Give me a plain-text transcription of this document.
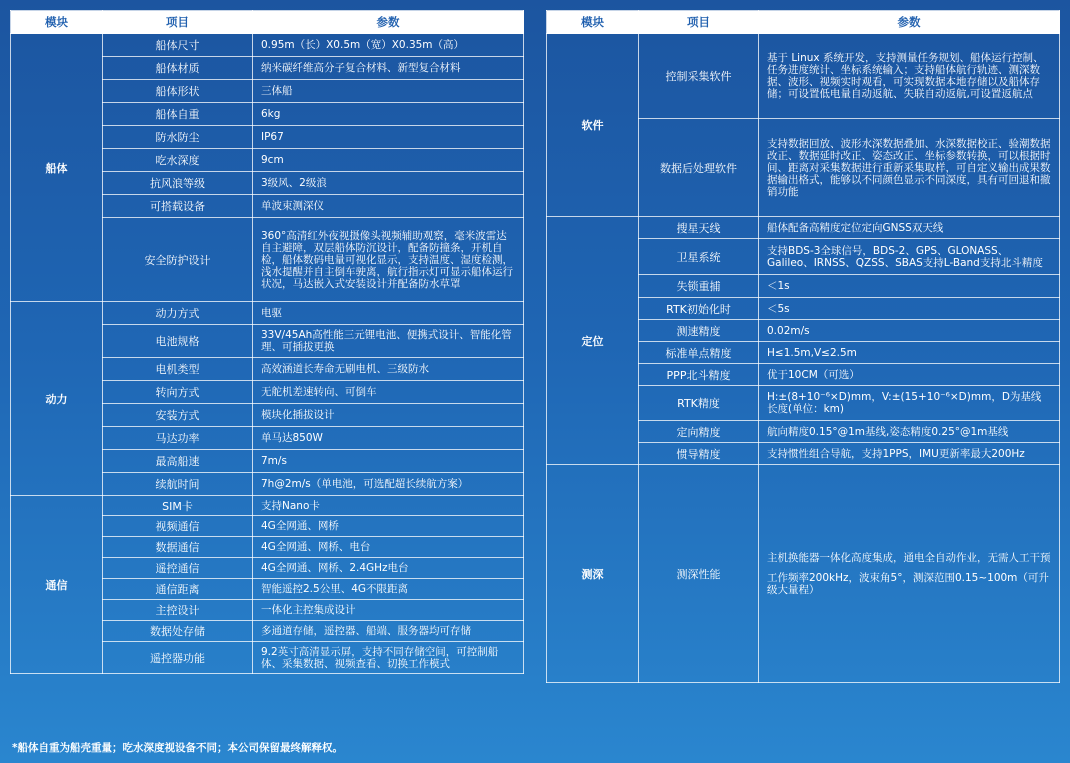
模块	项目	参数
船体	船体尺寸	0.95m（长）X0.5m（宽）X0.35m（高）
	船体材质	纳米碳纤维高分子复合材料、新型复合材料
	船体形状	三体船
	船体自重	6kg
	防水防尘	IP67
	吃水深度	9cm
	抗风浪等级	3级风、2级浪
	可搭载设备	单波束测深仪
	安全防护设计	360°高清红外夜视摄像头视频辅助观察，毫米波雷达自主避障，双层船体防沉设计，配备防撞条，开机自检，船体数码电量可视化显示，支持温度、湿度检测，浅水提醒并自主倒车驶离，航行指示灯可显示船体运行状况，马达嵌入式安装设计并配备防水草罩
动力	动力方式	电驱
	电池规格	33V/45Ah高性能三元锂电池、便携式设计、智能化管理、可插拔更换
	电机类型	高效涵道长寿命无刷电机、三级防水
	转向方式	无舵机差速转向、可倒车
	安装方式	模块化插拔设计
	马达功率	单马达850W
	最高船速	7m/s
	续航时间	7h@2m/s（单电池，可选配超长续航方案）
通信	SIM卡	支持Nano卡
	视频通信	4G全网通、网桥
	数据通信	4G全网通、网桥、电台
	遥控通信	4G全网通、网桥、2.4GHz电台
	通信距离	智能遥控2.5公里、4G不限距离
	主控设计	一体化主控集成设计
	数据处存储	多通道存储，遥控器、船端、服务器均可存储
	遥控器功能	9.2英寸高清显示屏，支持不同存储空间，可控制船体、采集数据、视频查看、切换工作模式
模块	项目	参数
软件	控制采集软件	基于 Linux 系统开发，支持测量任务规划、船体运行控制、任务进度统计、坐标系统输入；支持船体航行轨迹、测深数据、波形、视频实时观看，可实现数据本地存储以及船体存储；可设置低电量自动返航、失联自动返航,可设置返航点
	数据后处理软件	支持数据回放、波形水深数据叠加、水深数据校正、验潮数据改正、数据延时改正、姿态改正、坐标参数转换，可以根据时间、距离对采集数据进行重新采集取样，可自定义输出成果数据输出格式，能够以不同颜色显示不同深度，具有可回退和撤销功能
定位	搜星天线	船体配备高精度定位定向GNSS双天线
	卫星系统	支持BDS-3全球信号，BDS-2、GPS、GLONASS、Galileo、IRNSS、QZSS、SBAS支持L-Band支持北斗精度
	失锁重捕	＜1s
	RTK初始化时	＜5s
	测速精度	0.02m/s
	标准单点精度	H≤1.5m,V≤2.5m
	PPP北斗精度	优于10CM（可选）
	RTK精度	H:±(8+10⁻⁶×D)mm，V:±(15+10⁻⁶×D)mm，D为基线长度(单位：km)
	定向精度	航向精度0.15°@1m基线,姿态精度0.25°@1m基线
	惯导精度	支持惯性组合导航，支持1PPS，IMU更新率最大200Hz
测深	测深性能	主机换能器一体化高度集成，通电全自动作业，无需人工干预
工作频率200kHz，波束角5°，测深范围0.15~100m（可升级大量程）
*船体自重为船壳重量；吃水深度视设备不同；本公司保留最终解释权。
